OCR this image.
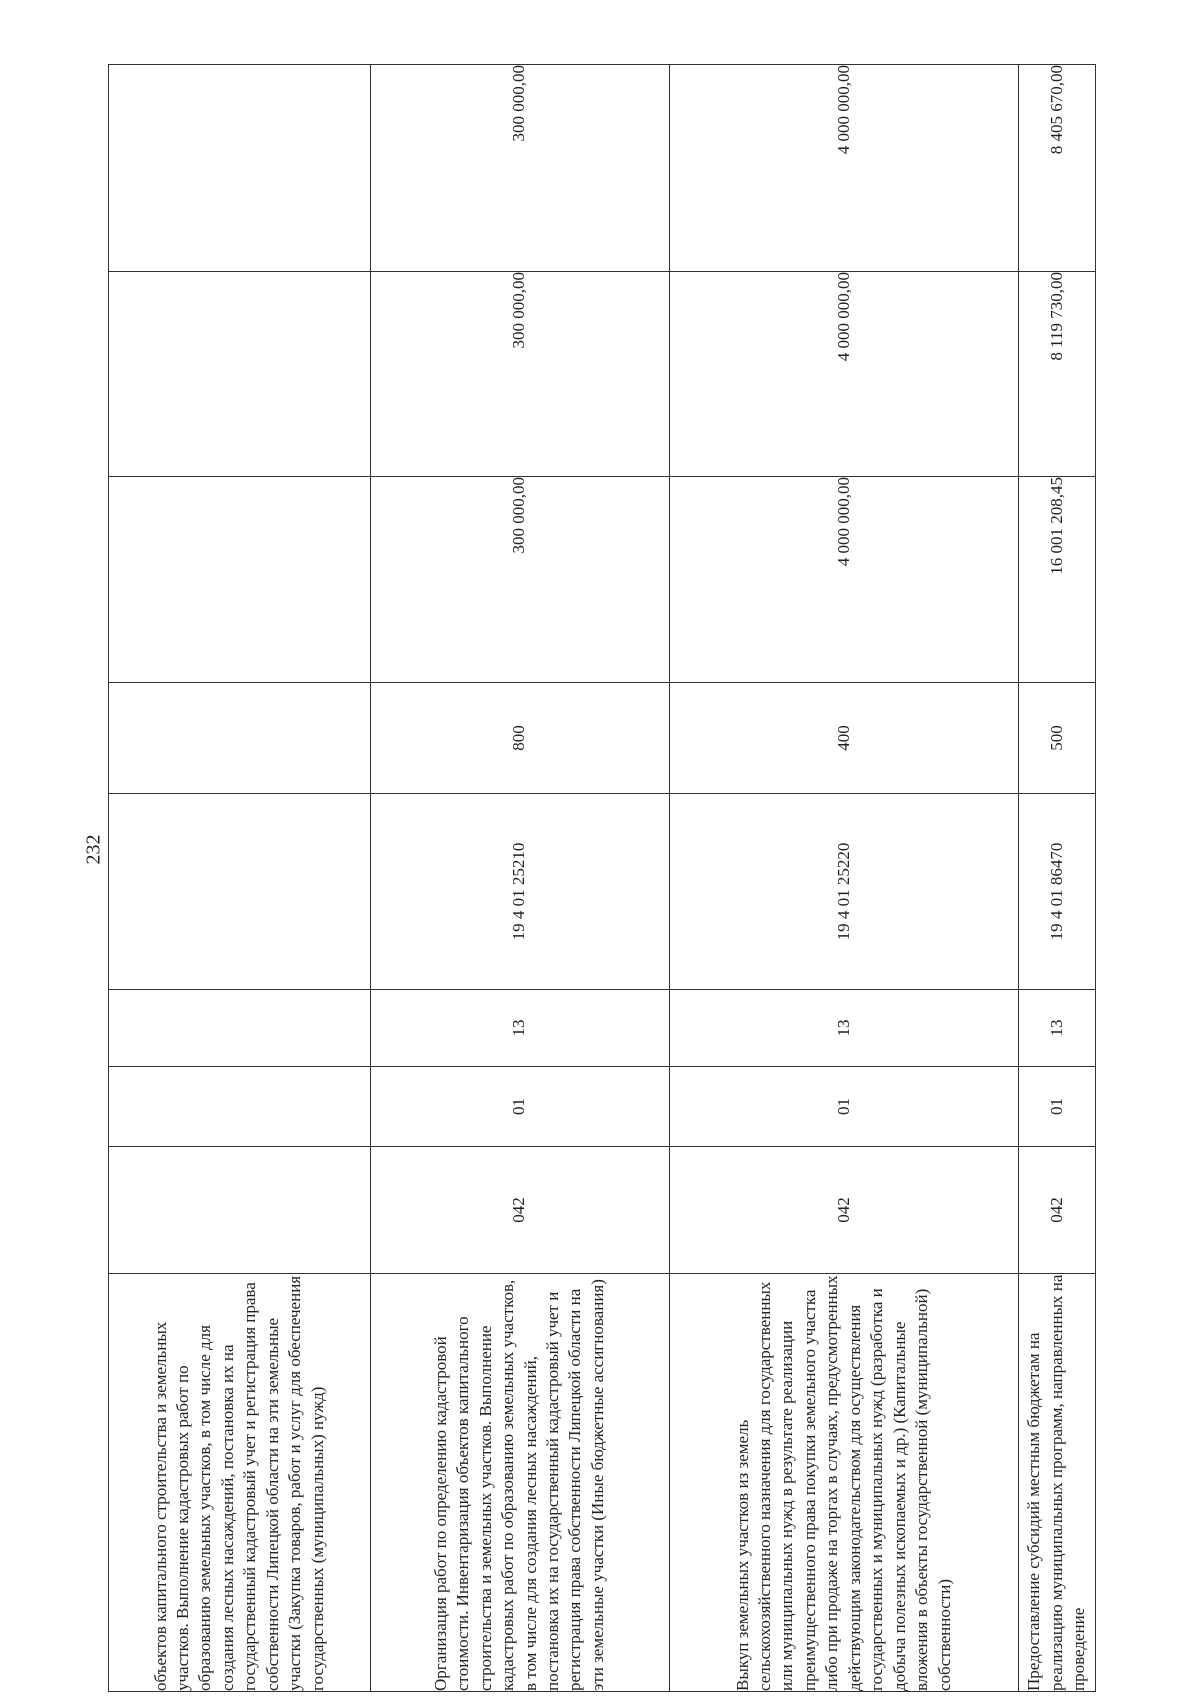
232
объектов капитального строительства и земельных участков. Выполнение кадастровых работ по образованию земельных участков, в том числе для создания лесных насаждений, постановка их на государственный кадастровый учет и регистрация права собственности Липецкой области на эти земельные участки (Закупка товаров, работ и услуг для обеспечения государственных (муниципальных) нужд)								
Организация работ по определению кадастровой стоимости. Инвентаризация объектов капитального строительства и земельных участков. Выполнение кадастровых работ по образованию земельных участков, в том числе для создания лесных насаждений, постановка их на государственный кадастровый учет и регистрация права собственности Липецкой области на эти земельные участки (Иные бюджетные ассигнования)	042	01	13	19 4 01 25210	800	300 000,00	300 000,00	300 000,00
Выкуп земельных участков из земель сельскохозяйственного назначения для государственных или муниципальных нужд в результате реализации преимущественного права покупки земельного участка либо при продаже на торгах в случаях, предусмотренных действующим законодательством для осуществления государственных и муниципальных нужд (разработка и добыча полезных ископаемых и др.) (Капитальные вложения в объекты государственной (муниципальной) собственности)	042	01	13	19 4 01 25220	400	4 000 000,00	4 000 000,00	4 000 000,00
Предоставление субсидий местным бюджетам на реализацию муниципальных программ, направленных на проведение	042	01	13	19 4 01 86470	500	16 001 208,45	8 119 730,00	8 405 670,00
